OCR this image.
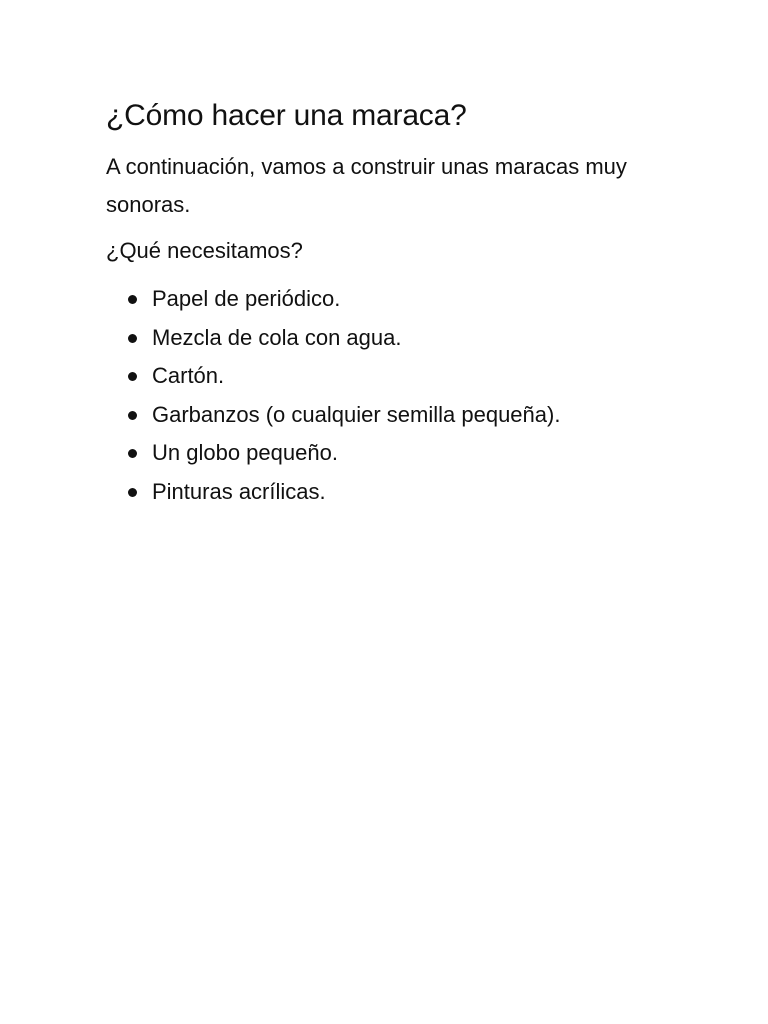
¿Cómo hacer una maraca?

A continuación, vamos a construir unas maracas muy sonoras.

¿Qué necesitamos?

Papel de periódico.
Mezcla de cola con agua.
Cartón.
Garbanzos (o cualquier semilla pequeña).
Un globo pequeño.
Pinturas acrílicas.
